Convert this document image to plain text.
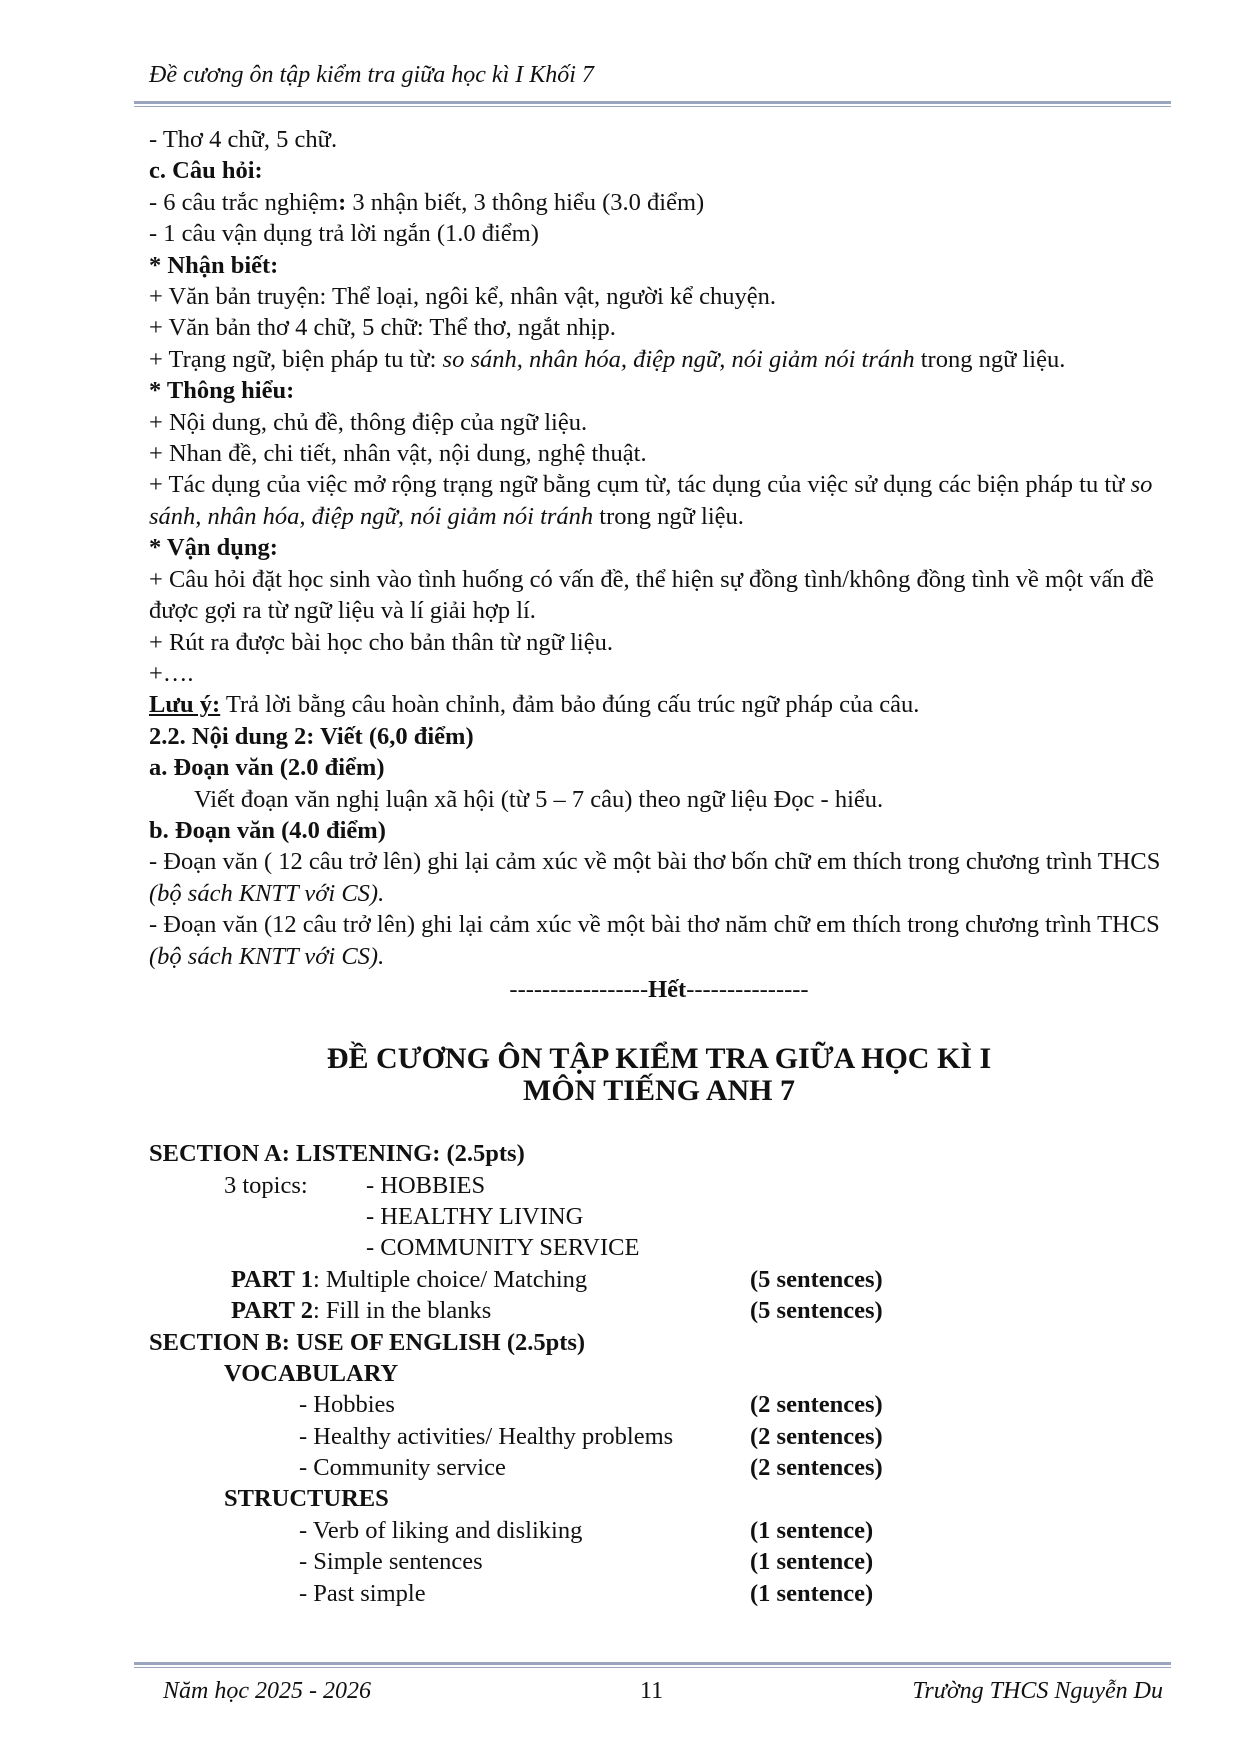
Đề cương ôn tập kiểm tra giữa học kì I Khối 7

- Thơ 4 chữ, 5 chữ.

c. Câu hỏi:

- 6 câu trắc nghiệm: 3 nhận biết, 3 thông hiểu (3.0 điểm)

- 1 câu vận dụng trả lời ngắn (1.0 điểm)

* Nhận biết:

+ Văn bản truyện: Thể loại, ngôi kể, nhân vật, người kể chuyện.

+ Văn bản thơ 4 chữ, 5 chữ: Thể thơ, ngắt nhịp.

+ Trạng ngữ, biện pháp tu từ: so sánh, nhân hóa, điệp ngữ, nói giảm nói tránh trong ngữ liệu.

* Thông hiểu:

+ Nội dung, chủ đề, thông điệp của ngữ liệu.

+ Nhan đề, chi tiết, nhân vật, nội dung, nghệ thuật.

+ Tác dụng của việc mở rộng trạng ngữ bằng cụm từ, tác dụng của việc sử dụng các biện pháp tu từ so sánh, nhân hóa, điệp ngữ, nói giảm nói tránh trong ngữ liệu.

* Vận dụng:

+ Câu hỏi đặt học sinh vào tình huống có vấn đề, thể hiện sự đồng tình/không đồng tình về một vấn đề được gợi ra từ ngữ liệu và lí giải hợp lí.

+ Rút ra được bài học cho bản thân từ ngữ liệu.

+….

Lưu ý: Trả lời bằng câu hoàn chỉnh, đảm bảo đúng cấu trúc ngữ pháp của câu.

2.2. Nội dung 2: Viết (6,0 điểm)

a. Đoạn văn (2.0 điểm)

Viết đoạn văn nghị luận xã hội (từ 5 – 7 câu) theo ngữ liệu Đọc - hiểu.

b. Đoạn văn (4.0 điểm)

- Đoạn văn ( 12 câu trở lên) ghi lại cảm xúc về một bài thơ bốn chữ em thích trong chương trình THCS (bộ sách KNTT với CS).

- Đoạn văn (12 câu trở lên) ghi lại cảm xúc về một bài thơ năm chữ em thích trong chương trình THCS (bộ sách KNTT với CS).

-----------------Hết---------------

ĐỀ CƯƠNG ÔN TẬP KIỂM TRA GIỮA HỌC KÌ I

MÔN TIẾNG ANH 7

SECTION A: LISTENING: (2.5pts)

3 topics: - HOBBIES

- HEALTHY LIVING

- COMMUNITY SERVICE

PART 1: Multiple choice/ Matching	(5 sentences)

PART 2: Fill in the blanks	(5 sentences)

SECTION B: USE OF ENGLISH (2.5pts)

VOCABULARY

- Hobbies	(2 sentences)

- Healthy activities/ Healthy problems	(2 sentences)

- Community service	(2 sentences)

STRUCTURES

- Verb of liking and disliking	(1 sentence)

- Simple sentences	(1 sentence)

- Past simple	(1 sentence)

Năm học 2025 - 2026	11	Trường THCS Nguyễn Du
